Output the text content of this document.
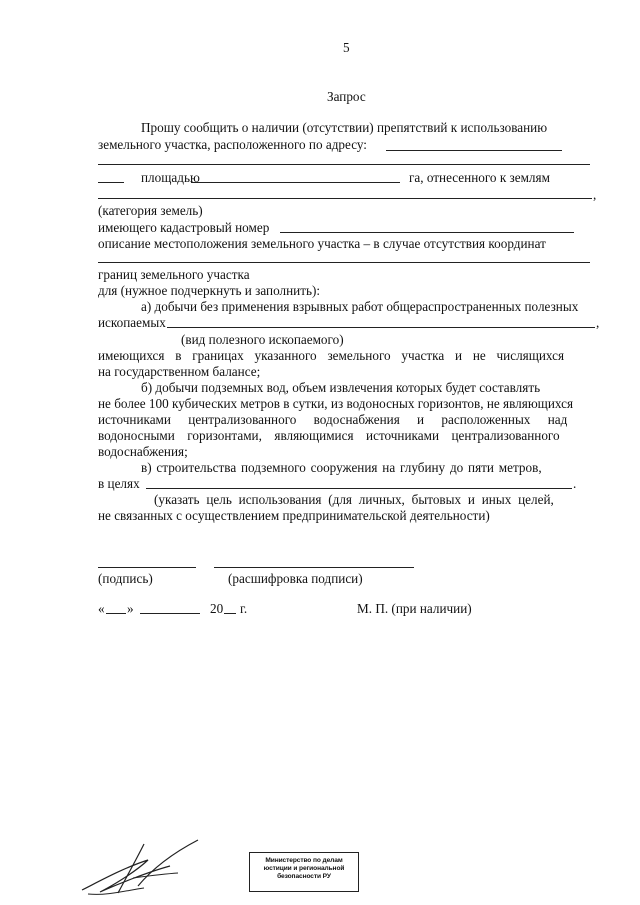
5
Запрос
Прошу сообщить о наличии (отсутствии) препятствий к использованию
земельного участка, расположенного по адресу:
площадью	га, отнесенного к землям
,
(категория земель)
имеющего кадастровый номер
описание местоположения земельного участка – в случае отсутствия координат
границ земельного участка
для (нужное подчеркнуть и заполнить):
а) добычи без применения взрывных работ общераспространенных полезных
ископаемых	,
(вид полезного ископаемого)
имеющихся в границах указанного земельного участка и не числящихся
на государственном балансе;
б) добычи подземных вод, объем извлечения которых будет составлять
не более 100 кубических метров в сутки, из водоносных горизонтов, не являющихся
источниками централизованного водоснабжения и расположенных над
водоносными горизонтами, являющимися источниками централизованного
водоснабжения;
в) строительства подземного сооружения на глубину до пяти метров,
в целях	.
(указать цель использования (для личных, бытовых и иных целей,
не связанных с осуществлением предпринимательской деятельности)
(подпись)	(расшифровка подписи)
« »	20 г.	М. П. (при наличии)
Министерство по делам
юстиции и региональной
безопасности РУ
